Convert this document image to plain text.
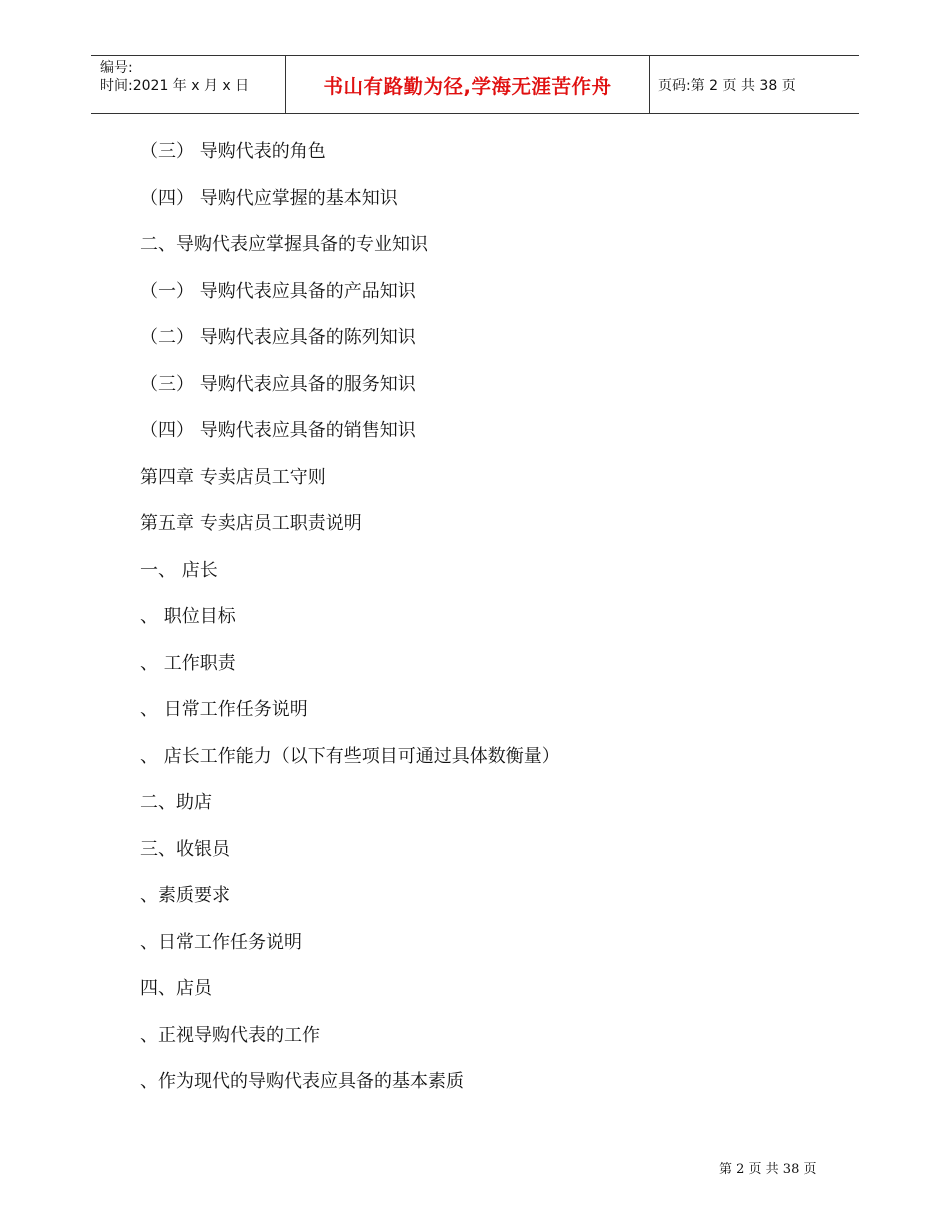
编号:
时间:2021 年 x 月 x 日	书山有路勤为径,学海无涯苦作舟	页码:第 2 页 共 38 页
（三） 导购代表的角色
（四） 导购代应掌握的基本知识
二、导购代表应掌握具备的专业知识
（一） 导购代表应具备的产品知识
（二） 导购代表应具备的陈列知识
（三） 导购代表应具备的服务知识
（四） 导购代表应具备的销售知识
第四章 专卖店员工守则
第五章 专卖店员工职责说明
一、 店长
、 职位目标
、 工作职责
、 日常工作任务说明
、 店长工作能力（以下有些项目可通过具体数衡量）
二、助店
三、收银员
、素质要求
、日常工作任务说明
四、店员
、正视导购代表的工作
、作为现代的导购代表应具备的基本素质
第 2 页 共 38 页
